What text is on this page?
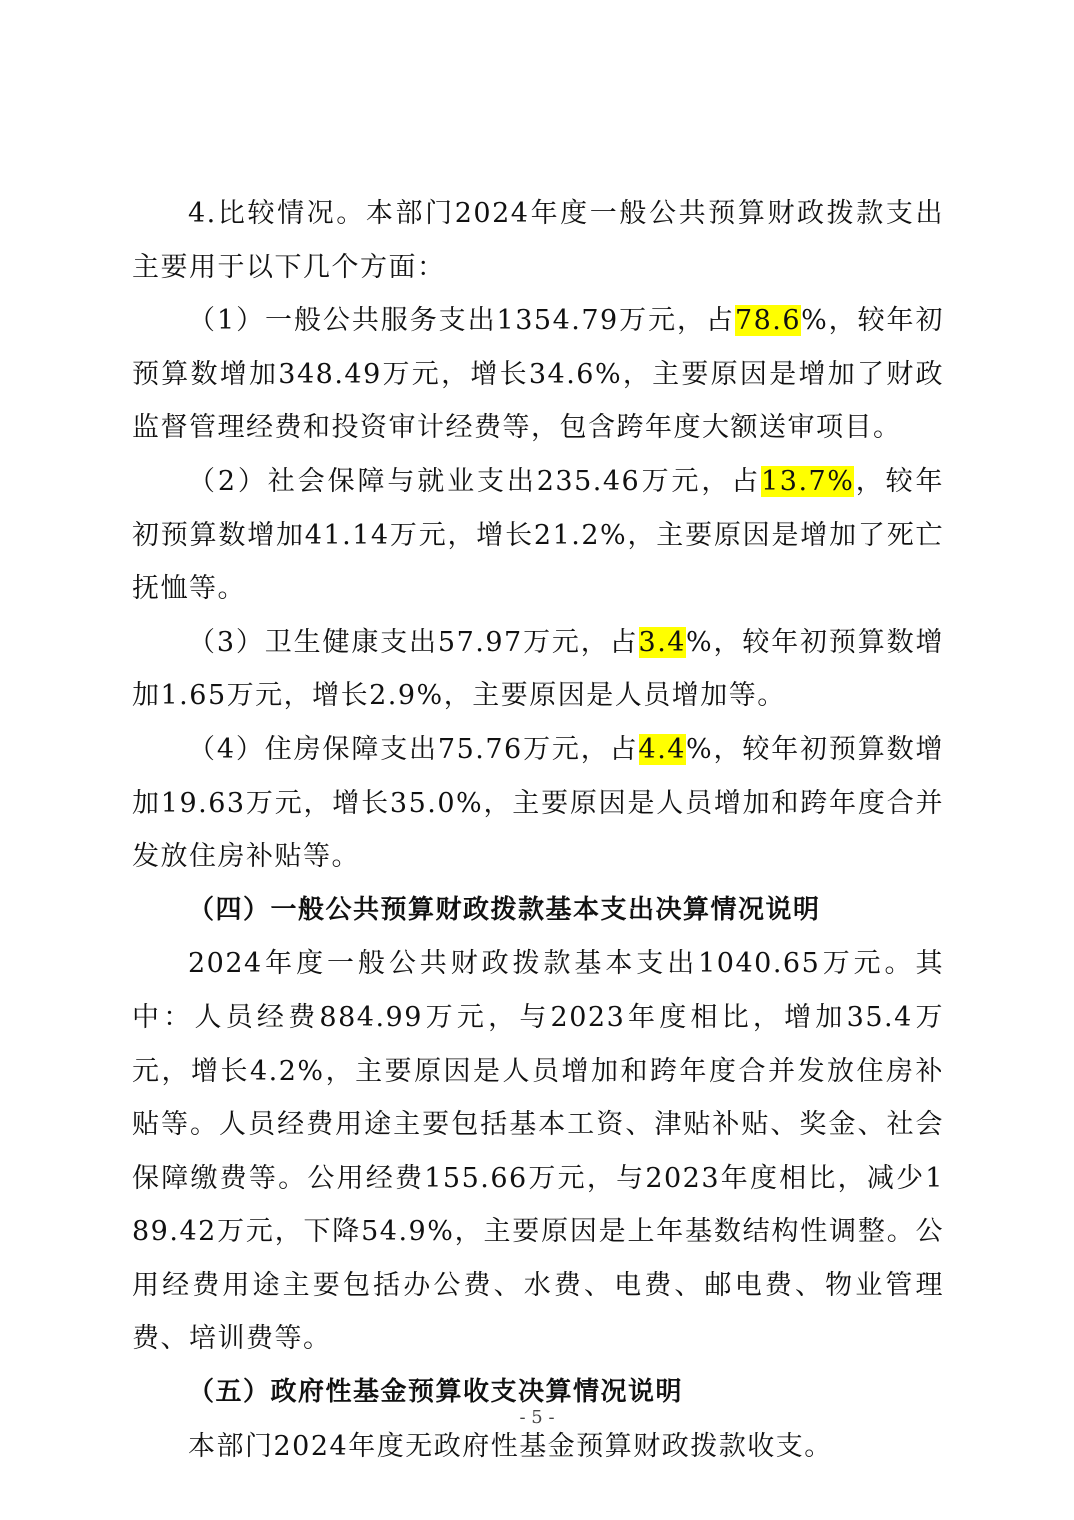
4.比较情况。本部门2024年度一般公共预算财政拨款支出主要用于以下几个方面：

（1）一般公共服务支出1354.79万元，占78.6%，较年初预算数增加348.49万元，增长34.6%，主要原因是增加了财政监督管理经费和投资审计经费等，包含跨年度大额送审项目。

（2）社会保障与就业支出235.46万元，占13.7%，较年初预算数增加41.14万元，增长21.2%，主要原因是增加了死亡抚恤等。

（3）卫生健康支出57.97万元，占3.4%，较年初预算数增加1.65万元，增长2.9%，主要原因是人员增加等。

（4）住房保障支出75.76万元，占4.4%，较年初预算数增加19.63万元，增长35.0%，主要原因是人员增加和跨年度合并发放住房补贴等。

（四）一般公共预算财政拨款基本支出决算情况说明

2024年度一般公共财政拨款基本支出1040.65万元。其中：人员经费884.99万元，与2023年度相比，增加35.4万元，增长4.2%，主要原因是人员增加和跨年度合并发放住房补贴等。人员经费用途主要包括基本工资、津贴补贴、奖金、社会保障缴费等。公用经费155.66万元，与2023年度相比，减少189.42万元，下降54.9%，主要原因是上年基数结构性调整。公用经费用途主要包括办公费、水费、电费、邮电费、物业管理费、培训费等。

（五）政府性基金预算收支决算情况说明

本部门2024年度无政府性基金预算财政拨款收支。

- 5 -
